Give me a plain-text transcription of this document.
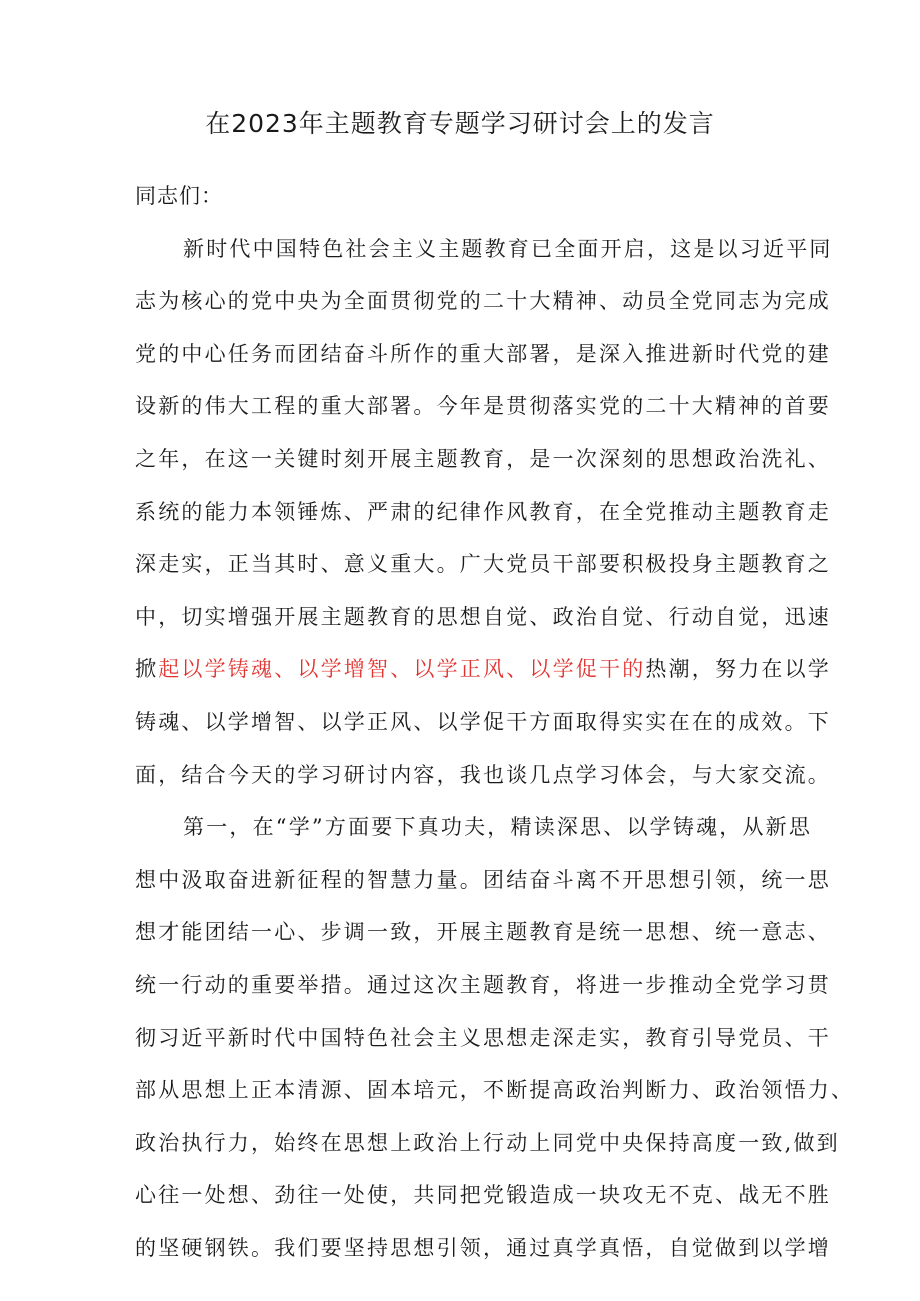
在2023年主题教育专题学习研讨会上的发言
同志们：
新时代中国特色社会主义主题教育已全面开启，这是以习近平同
志为核心的党中央为全面贯彻党的二十大精神、动员全党同志为完成
党的中心任务而团结奋斗所作的重大部署，是深入推进新时代党的建
设新的伟大工程的重大部署。今年是贯彻落实党的二十大精神的首要
之年，在这一关键时刻开展主题教育，是一次深刻的思想政治洗礼、
系统的能力本领锤炼、严肃的纪律作风教育，在全党推动主题教育走
深走实，正当其时、意义重大。广大党员干部要积极投身主题教育之
中，切实增强开展主题教育的思想自觉、政治自觉、行动自觉，迅速
掀起以学铸魂、以学增智、以学正风、以学促干的热潮，努力在以学
铸魂、以学增智、以学正风、以学促干方面取得实实在在的成效。下
面，结合今天的学习研讨内容，我也谈几点学习体会，与大家交流。
第一，在“学”方面要下真功夫，精读深思、以学铸魂，从新思
想中汲取奋进新征程的智慧力量。团结奋斗离不开思想引领，统一思
想才能团结一心、步调一致，开展主题教育是统一思想、统一意志、
统一行动的重要举措。通过这次主题教育，将进一步推动全党学习贯
彻习近平新时代中国特色社会主义思想走深走实，教育引导党员、干
部从思想上正本清源、固本培元，不断提高政治判断力、政治领悟力、
政治执行力，始终在思想上政治上行动上同党中央保持高度一致,做到
心往一处想、劲往一处使，共同把党锻造成一块攻无不克、战无不胜
的坚硬钢铁。我们要坚持思想引领，通过真学真悟，自觉做到以学增
